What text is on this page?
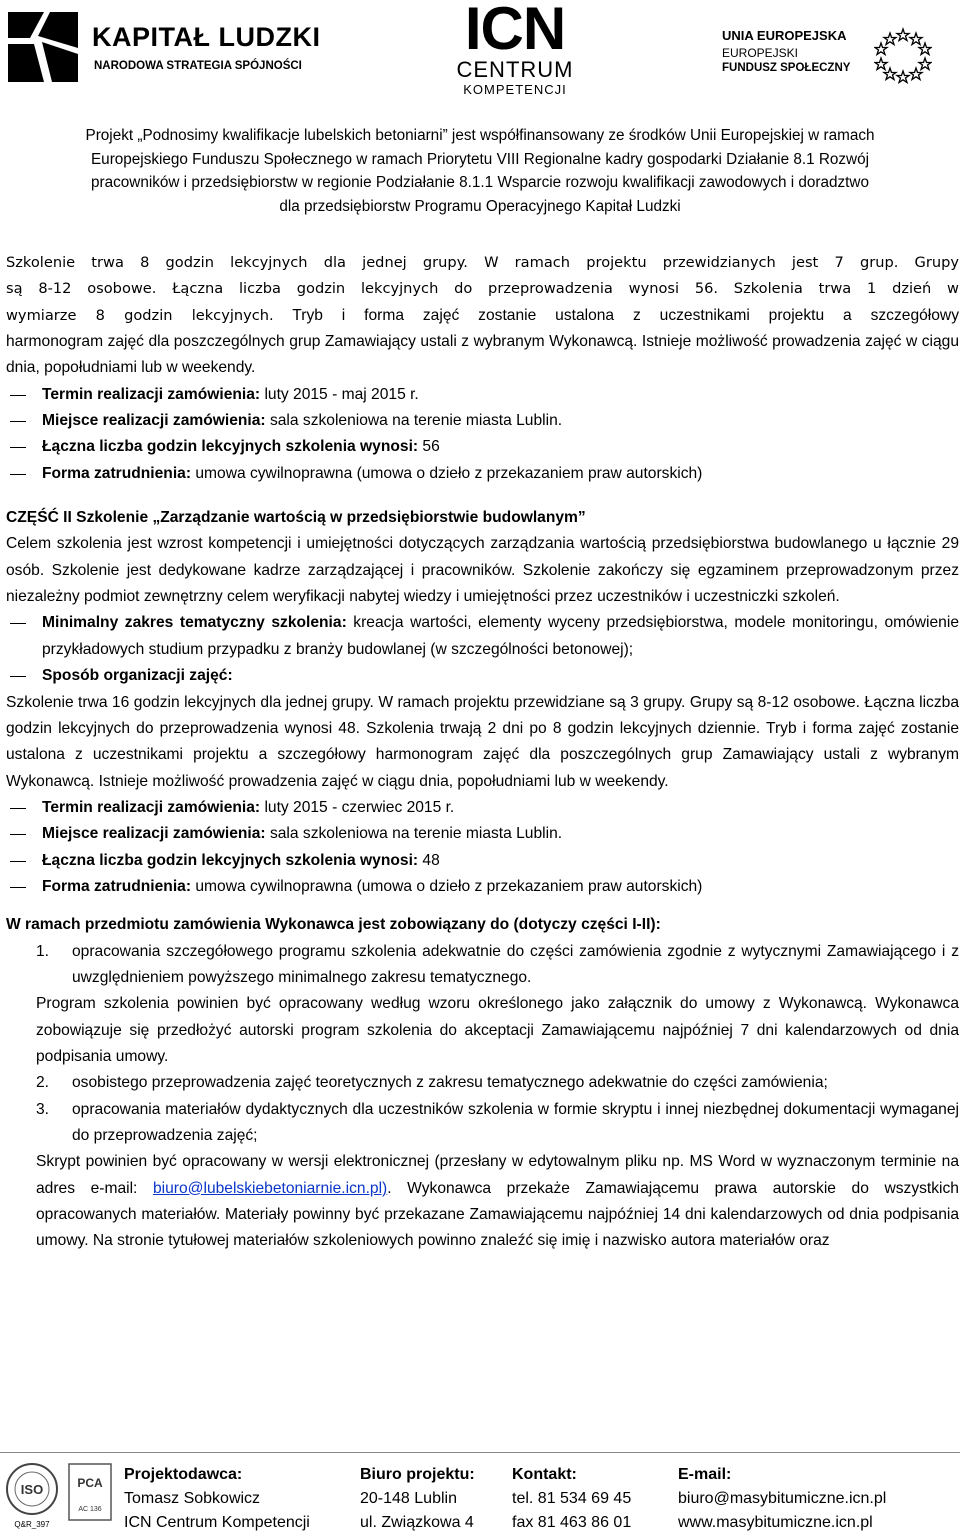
KAPITAŁ LUDZKI
NARODOWA STRATEGIA SPÓJNOŚCI
ICN
CENTRUM
KOMPETENCJI
UNIA EUROPEJSKA
EUROPEJSKI
FUNDUSZ SPOŁECZNY
Projekt „Podnosimy kwalifikacje lubelskich betoniarni” jest współfinansowany ze środków Unii Europejskiej w ramach
Europejskiego Funduszu Społecznego w ramach Priorytetu VIII Regionalne kadry gospodarki Działanie 8.1 Rozwój
pracowników i przedsiębiorstw w regionie Podziałanie 8.1.1 Wsparcie rozwoju kwalifikacji zawodowych i doradztwo
dla przedsiębiorstw Programu Operacyjnego Kapitał Ludzki
Szkolenie trwa 8 godzin lekcyjnych dla jednej grupy. W ramach projektu przewidzianych jest 7 grup. Grupy
są 8-12 osobowe. Łączna liczba godzin lekcyjnych do przeprowadzenia wynosi 56. Szkolenia trwa 1 dzień w
wymiarze 8 godzin lekcyjnych. Tryb i forma zajęć zostanie ustalona z uczestnikami projektu a szczegółowy

harmonogram zajęć dla poszczególnych grup Zamawiający ustali z wybranym Wykonawcą. Istnieje możliwość prowadzenia zajęć w ciągu dnia, popołudniami lub w weekendy.

Termin realizacji zamówienia: luty 2015 - maj 2015 r.
Miejsce realizacji zamówienia: sala szkoleniowa na terenie miasta Lublin.
Łączna liczba godzin lekcyjnych szkolenia wynosi: 56
Forma zatrudnienia: umowa cywilnoprawna (umowa o dzieło z przekazaniem praw autorskich)
CZĘŚĆ II Szkolenie „Zarządzanie wartością w przedsiębiorstwie budowlanym”

Celem szkolenia jest wzrost kompetencji i umiejętności dotyczących zarządzania wartością przedsiębiorstwa budowlanego u łącznie 29 osób. Szkolenie jest dedykowane kadrze zarządzającej i pracowników. Szkolenie zakończy się egzaminem przeprowadzonym przez niezależny podmiot zewnętrzny celem weryfikacji nabytej wiedzy i umiejętności przez uczestników i uczestniczki szkoleń.

Minimalny zakres tematyczny szkolenia: kreacja wartości, elementy wyceny przedsiębiorstwa, modele monitoringu, omówienie przykładowych studium przypadku z branży budowlanej (w szczególności betonowej);
Sposób organizacji zajęć:

Szkolenie trwa 16 godzin lekcyjnych dla jednej grupy. W ramach projektu przewidziane są 3 grupy. Grupy są 8-12 osobowe. Łączna liczba godzin lekcyjnych do przeprowadzenia wynosi 48. Szkolenia trwają 2 dni po 8 godzin lekcyjnych dziennie. Tryb i forma zajęć zostanie ustalona z uczestnikami projektu a szczegółowy harmonogram zajęć dla poszczególnych grup Zamawiający ustali z wybranym Wykonawcą. Istnieje możliwość prowadzenia zajęć w ciągu dnia, popołudniami lub w weekendy.

Termin realizacji zamówienia: luty 2015 - czerwiec 2015 r.
Miejsce realizacji zamówienia: sala szkoleniowa na terenie miasta Lublin.
Łączna liczba godzin lekcyjnych szkolenia wynosi: 48
Forma zatrudnienia: umowa cywilnoprawna (umowa o dzieło z przekazaniem praw autorskich)
W ramach przedmiotu zamówienia Wykonawca jest zobowiązany do (dotyczy części I-II):
1. opracowania szczegółowego programu szkolenia adekwatnie do części zamówienia zgodnie z wytycznymi Zamawiającego i z uwzględnieniem powyższego minimalnego zakresu tematycznego.

Program szkolenia powinien być opracowany według wzoru określonego jako załącznik do umowy z Wykonawcą. Wykonawca zobowiązuje się przedłożyć autorski program szkolenia do akceptacji Zamawiającemu najpóźniej 7 dni kalendarzowych od dnia podpisania umowy.

2. osobistego przeprowadzenia zajęć teoretycznych z zakresu tematycznego adekwatnie do części zamówienia;
3. opracowania materiałów dydaktycznych dla uczestników szkolenia w formie skryptu i innej niezbędnej dokumentacji wymaganej do przeprowadzenia zajęć;

Skrypt powinien być opracowany w wersji elektronicznej (przesłany w edytowalnym pliku np. MS Word w wyznaczonym terminie na adres e-mail: biuro@lubelskiebetoniarnie.icn.pl). Wykonawca przekaże Zamawiającemu prawa autorskie do wszystkich opracowanych materiałów. Materiały powinny być przekazane Zamawiającemu najpóźniej 14 dni kalendarzowych od dnia podpisania umowy. Na stronie tytułowej materiałów szkoleniowych powinno znaleźć się imię i nazwisko autora materiałów oraz

ISO
Q&R_397
PCA
AC 136
Projektodawca:
Tomasz Sobkowicz
ICN Centrum Kompetencji
Biuro projektu:
20-148 Lublin
ul. Związkowa 4
Kontakt:
tel. 81 534 69 45
fax 81 463 86 01
E-mail:
biuro@masybitumiczne.icn.pl
www.masybitumiczne.icn.pl
